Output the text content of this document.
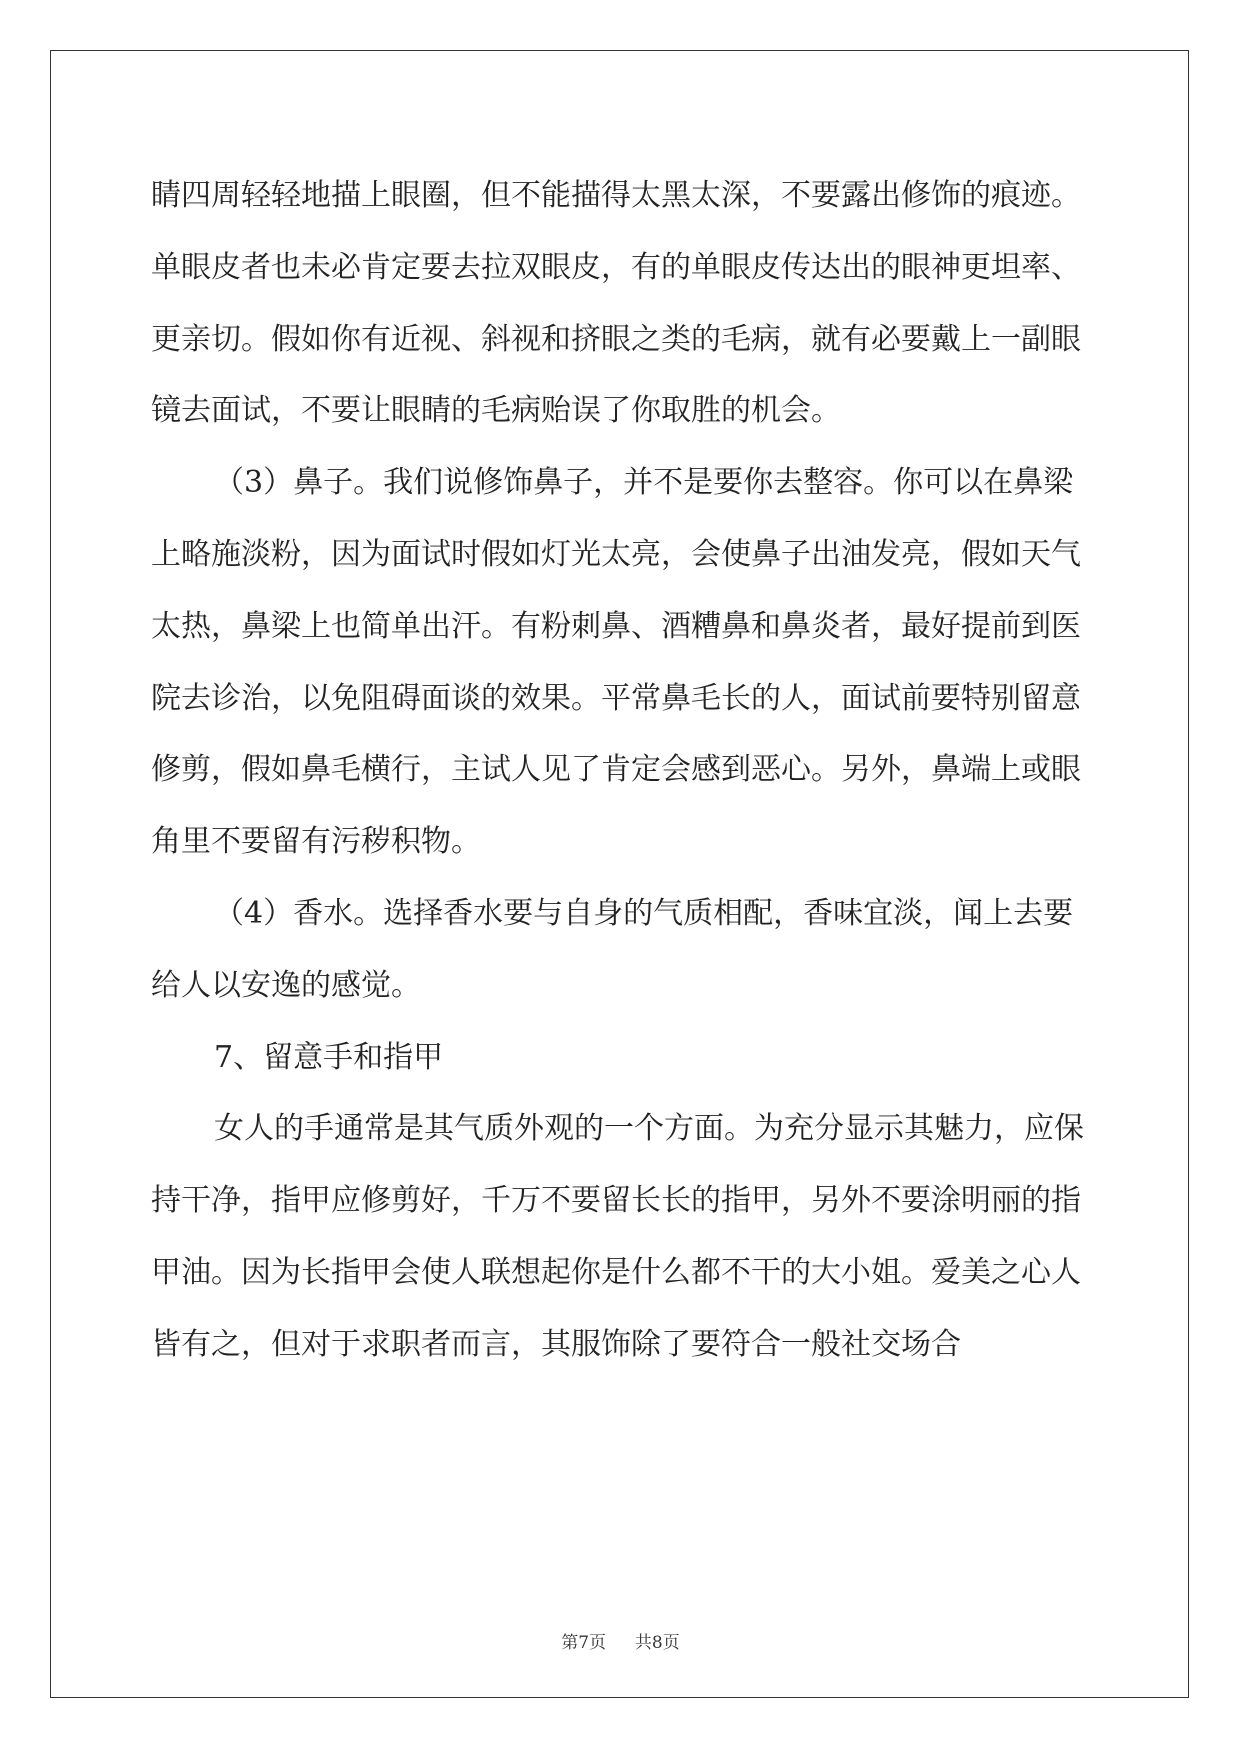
睛四周轻轻地描上眼圈，但不能描得太黑太深，不要露出修饰的痕迹。单眼皮者也未必肯定要去拉双眼皮，有的单眼皮传达出的眼神更坦率、更亲切。假如你有近视、斜视和挤眼之类的毛病，就有必要戴上一副眼镜去面试，不要让眼睛的毛病贻误了你取胜的机会。

（3）鼻子。我们说修饰鼻子，并不是要你去整容。你可以在鼻梁上略施淡粉，因为面试时假如灯光太亮，会使鼻子出油发亮，假如天气太热，鼻梁上也简单出汗。有粉刺鼻、酒糟鼻和鼻炎者，最好提前到医院去诊治，以免阻碍面谈的效果。平常鼻毛长的人，面试前要特别留意修剪，假如鼻毛横行，主试人见了肯定会感到恶心。另外，鼻端上或眼角里不要留有污秽积物。

（4）香水。选择香水要与自身的气质相配，香味宜淡，闻上去要给人以安逸的感觉。

7、留意手和指甲

女人的手通常是其气质外观的一个方面。为充分显示其魅力，应保持干净，指甲应修剪好，千万不要留长长的指甲，另外不要涂明丽的指甲油。因为长指甲会使人联想起你是什么都不干的大小姐。爱美之心人皆有之，但对于求职者而言，其服饰除了要符合一般社交场合

第7页 共8页
